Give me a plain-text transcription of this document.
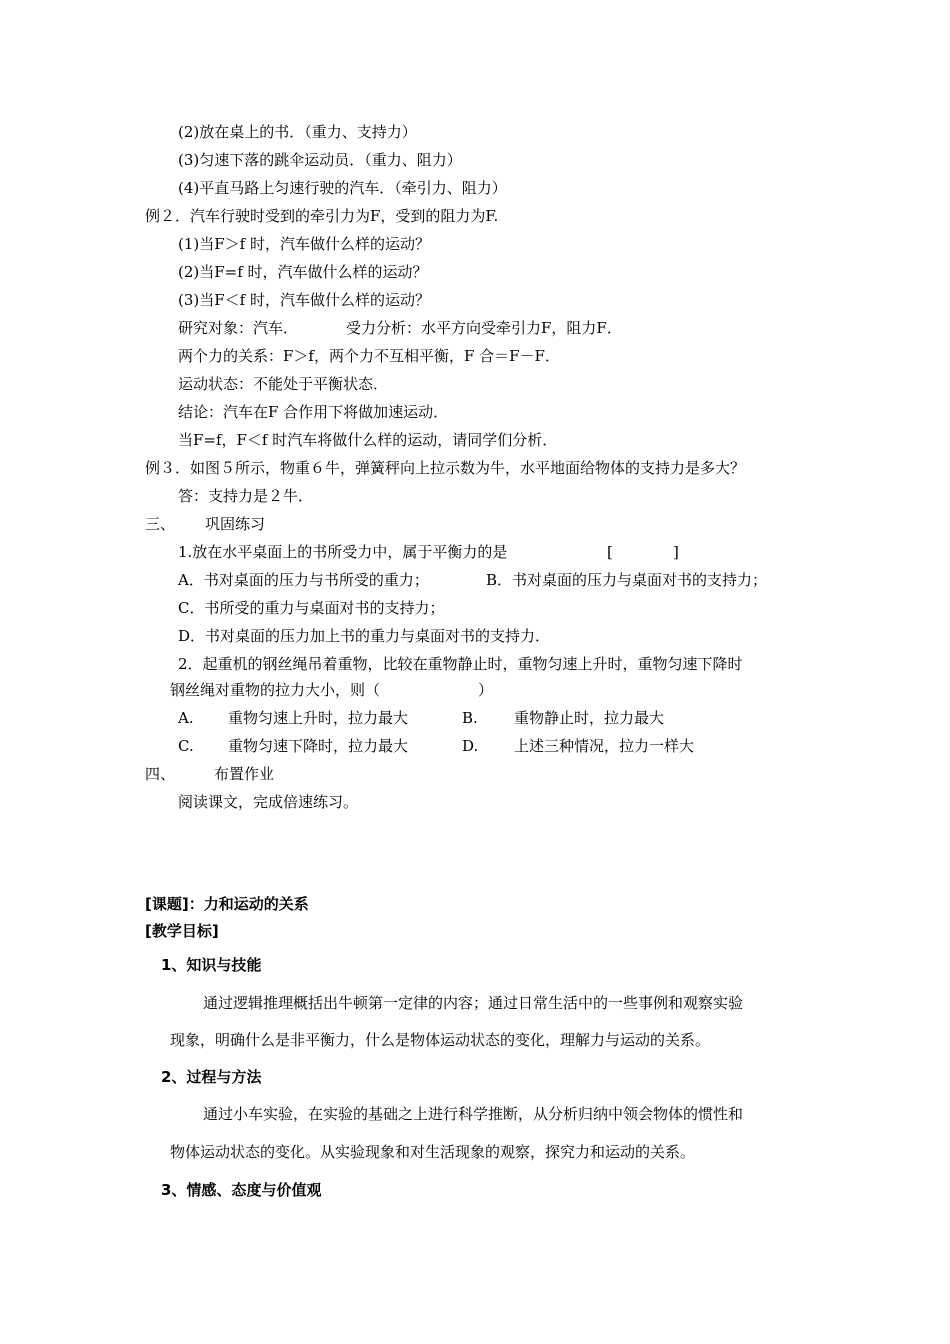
(2)放在桌上的书．（重力、支持力）
(3)匀速下落的跳伞运动员．（重力、阻力）
(4)平直马路上匀速行驶的汽车．（牵引力、阻力）
例２．汽车行驶时受到的牵引力为F，受到的阻力为F.
(1)当F＞f 时，汽车做什么样的运动？
(2)当F=f 时，汽车做什么样的运动？
(3)当F＜f 时，汽车做什么样的运动？
研究对象：汽车．	受力分析：水平方向受牵引力F，阻力F．
两个力的关系：F＞f，两个力不互相平衡，F 合＝F－F．
运动状态：不能处于平衡状态．
结论：汽车在F 合作用下将做加速运动．
当F=f，F＜f 时汽车将做什么样的运动，请同学们分析．
例３．如图５所示，物重６牛，弹簧秤向上拉示数为牛，水平地面给物体的支持力是多大？
答：支持力是２牛．
三、 巩固练习
1.放在水平桌面上的书所受力中，属于平衡力的是	[	]
A．书对桌面的压力与书所受的重力；	B．书对桌面的压力与桌面对书的支持力；
C．书所受的重力与桌面对书的支持力；
D．书对桌面的压力加上书的重力与桌面对书的支持力．
2．起重机的钢丝绳吊着重物，比较在重物静止时，重物匀速上升时，重物匀速下降时
钢丝绳对重物的拉力大小，则（	）
A. 重物匀速上升时，拉力最大	B. 重物静止时，拉力最大
C. 重物匀速下降时，拉力最大	D. 上述三种情况，拉力一样大
四、	布置作业
阅读课文，完成倍速练习。
[课题]：力和运动的关系
[教学目标]
1、知识与技能
通过逻辑推理概括出牛顿第一定律的内容；通过日常生活中的一些事例和观察实验
现象，明确什么是非平衡力，什么是物体运动状态的变化，理解力与运动的关系。
2、过程与方法
通过小车实验，在实验的基础之上进行科学推断，从分析归纳中领会物体的惯性和
物体运动状态的变化。从实验现象和对生活现象的观察，探究力和运动的关系。
3、情感、态度与价值观
